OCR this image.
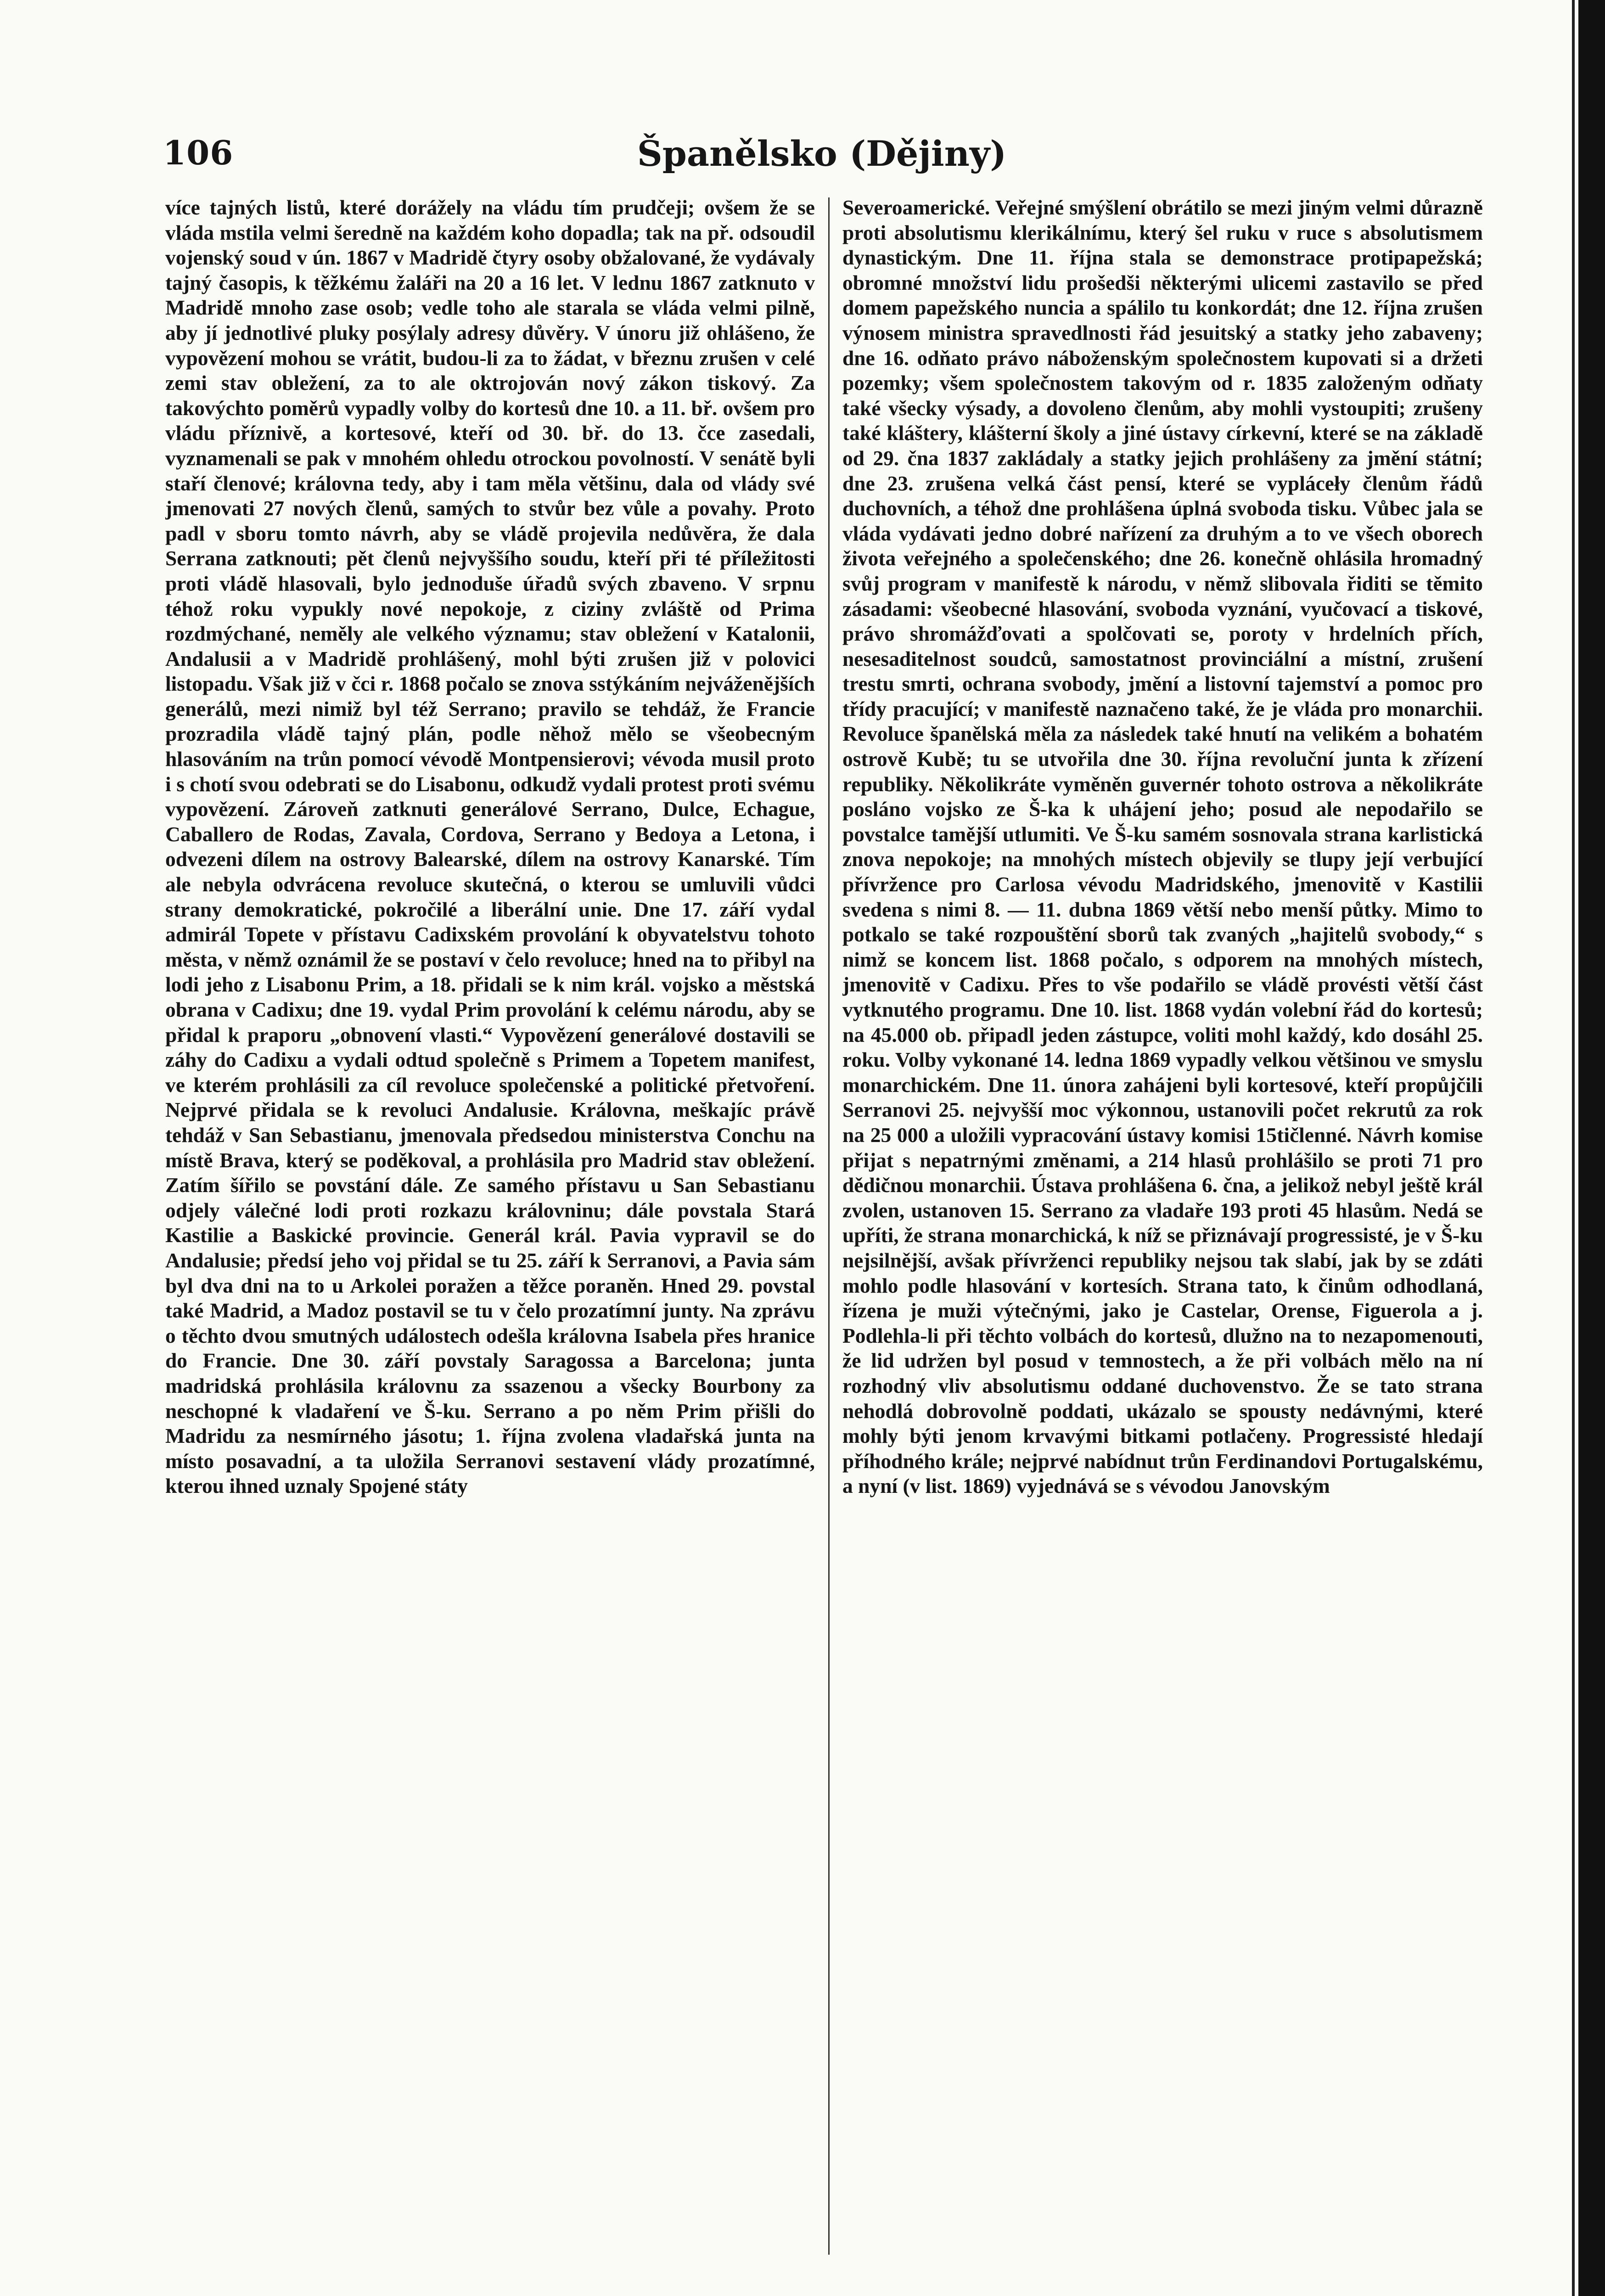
106	Španělsko (Dějiny)
více tajných listů, které dorážely na vládu tím prudčeji; ovšem že se vláda mstila velmi šeredně na každém koho dopadla; tak na př. odsoudil vojenský soud v ún. 1867 v Madridě čtyry osoby obžalované, že vydávaly tajný časopis, k těžkému žaláři na 20 a 16 let. V lednu 1867 zatknuto v Madridě mnoho zase osob; vedle toho ale starala se vláda velmi pilně, aby jí jednotlivé pluky posýlaly adresy důvěry. V únoru již ohlášeno, že vypovězení mohou se vrátit, budou-li za to žádat, v březnu zrušen v celé zemi stav obležení, za to ale oktrojován nový zákon tiskový. Za takovýchto poměrů vypadly volby do kortesů dne 10. a 11. bř. ovšem pro vládu příznivě, a kortesové, kteří od 30. bř. do 13. čce zasedali, vyznamenali se pak v mnohém ohledu otrockou povolností. V senátě byli staří členové; královna tedy, aby i tam měla většinu, dala od vlády své jmenovati 27 nových členů, samých to stvůr bez vůle a povahy. Proto padl v sboru tomto návrh, aby se vládě projevila nedůvěra, že dala Serrana zatknouti; pět členů nejvyššího soudu, kteří při té příležitosti proti vládě hlasovali, bylo jednoduše úřadů svých zbaveno. V srpnu téhož roku vypukly nové nepokoje, z ciziny zvláště od Prima rozdmýchané, neměly ale velkého významu; stav obležení v Katalonii, Andalusii a v Madridě prohlášený, mohl býti zrušen již v polovici listopadu. Však již v čci r. 1868 počalo se znova sstýkáním nejváženějších generálů, mezi nimiž byl též Serrano; pravilo se tehdáž, že Francie prozradila vládě tajný plán, podle něhož mělo se všeobecným hlasováním na trůn pomocí vévodě Montpensierovi; vévoda musil proto i s chotí svou odebrati se do Lisabonu, odkudž vydali protest proti svému vypovězení. Zároveň zatknuti generálové Serrano, Dulce, Echague, Caballero de Rodas, Zavala, Cordova, Serrano y Bedoya a Letona, i odvezeni dílem na ostrovy Balearské, dílem na ostrovy Kanarské. Tím ale nebyla odvrácena revoluce skutečná, o kterou se umluvili vůdci strany demokratické, pokročilé a liberální unie. Dne 17. září vydal admirál Topete v přístavu Cadixském provolání k obyvatelstvu tohoto města, v němž oznámil že se postaví v čelo revoluce; hned na to přibyl na lodi jeho z Lisabonu Prim, a 18. přidali se k nim král. vojsko a městská obrana v Cadixu; dne 19. vydal Prim provolání k celému národu, aby se přidal k praporu „obnovení vlasti.“ Vypovězení generálové dostavili se záhy do Cadixu a vydali odtud společně s Primem a Topetem manifest, ve kterém prohlásili za cíl revoluce společenské a politické přetvoření. Nejprvé přidala se k revoluci Andalusie. Královna, meškajíc právě tehdáž v San Sebastianu, jmenovala předsedou ministerstva Conchu na místě Brava, který se poděkoval, a prohlásila pro Madrid stav obležení. Zatím šířilo se povstání dále. Ze samého přístavu u San Sebastianu odjely válečné lodi proti rozkazu královninu; dále povstala Stará Kastilie a Baskické provincie. Generál král. Pavia vypravil se do Andalusie; předsí jeho voj přidal se tu 25. září k Serranovi, a Pavia sám byl dva dni na to u Arkolei poražen a těžce poraněn. Hned 29. povstal také Madrid, a Madoz postavil se tu v čelo prozatímní junty. Na zprávu o těchto dvou smutných událostech odešla královna Isabela přes hranice do Francie. Dne 30. září povstaly Saragossa a Barcelona; junta madridská prohlásila královnu za ssazenou a všecky Bourbony za neschopné k vladaření ve Š-ku. Serrano a po něm Prim přišli do Madridu za nesmírného jásotu; 1. října zvolena vladařská junta na místo posavadní, a ta uložila Serranovi sestavení vlády prozatímné, kterou ihned uznaly Spojené státy
Severoamerické. Veřejné smýšlení obrátilo se mezi jiným velmi důrazně proti absolutismu klerikálnímu, který šel ruku v ruce s absolutismem dynastickým. Dne 11. října stala se demonstrace protipapežská; obromné množství lidu prošedši některými ulicemi zastavilo se před domem papežského nuncia a spálilo tu konkordát; dne 12. října zrušen výnosem ministra spravedlnosti řád jesuitský a statky jeho zabaveny; dne 16. odňato právo náboženským společnostem kupovati si a držeti pozemky; všem společnostem takovým od r. 1835 založeným odňaty také všecky výsady, a dovoleno členům, aby mohli vystoupiti; zrušeny také kláštery, klášterní školy a jiné ústavy církevní, které se na základě od 29. čna 1837 zakládaly a statky jejich prohlášeny za jmění státní; dne 23. zrušena velká část pensí, které se vypláceły členům řádů duchovních, a téhož dne prohlášena úplná svoboda tisku. Vůbec jala se vláda vydávati jedno dobré nařízení za druhým a to ve všech oborech života veřejného a společenského; dne 26. konečně ohlásila hromadný svůj program v manifestě k národu, v němž slibovala řiditi se těmito zásadami: všeobecné hlasování, svoboda vyznání, vyučovací a tiskové, právo shromážďovati a spolčovati se, poroty v hrdelních přích, nesesaditelnost soudců, samostatnost provinciální a místní, zrušení trestu smrti, ochrana svobody, jmění a listovní tajemství a pomoc pro třídy pracující; v manifestě naznačeno také, že je vláda pro monarchii. Revoluce španělská měla za následek také hnutí na velikém a bohatém ostrově Kubě; tu se utvořila dne 30. října revoluční junta k zřízení republiky. Několikráte vyměněn guvernér tohoto ostrova a několikráte posláno vojsko ze Š-ka k uhájení jeho; posud ale nepodařilo se povstalce tamější utlumiti. Ve Š-ku samém sosnovala strana karlistická znova nepokoje; na mnohých místech objevily se tlupy její verbující přívržence pro Carlosa vévodu Madridského, jmenovitě v Kastilii svedena s nimi 8. — 11. dubna 1869 větší nebo menší půtky. Mimo to potkalo se také rozpouštění sborů tak zvaných „hajitelů svobody,“ s nimž se koncem list. 1868 počalo, s odporem na mnohých místech, jmenovitě v Cadixu. Přes to vše podařilo se vládě provésti větší část vytknutého programu. Dne 10. list. 1868 vydán volební řád do kortesů; na 45.000 ob. připadl jeden zástupce, voliti mohl každý, kdo dosáhl 25. roku. Volby vykonané 14. ledna 1869 vypadly velkou většinou ve smyslu monarchickém. Dne 11. února zahájeni byli kortesové, kteří propůjčili Serranovi 25. nejvyšší moc výkonnou, ustanovili počet rekrutů za rok na 25 000 a uložili vypracování ústavy komisi 15tičlenné. Návrh komise přijat s nepatrnými změnami, a 214 hlasů prohlášilo se proti 71 pro dědičnou monarchii. Ústava prohlášena 6. čna, a jelikož nebyl ještě král zvolen, ustanoven 15. Serrano za vladaře 193 proti 45 hlasům. Nedá se upříti, že strana monarchická, k níž se přiznávají progressisté, je v Š-ku nejsilnější, avšak přívrženci republiky nejsou tak slabí, jak by se zdáti mohlo podle hlasování v kortesích. Strana tato, k činům odhodlaná, řízena je muži výtečnými, jako je Castelar, Orense, Figuerola a j. Podlehla-li při těchto volbách do kortesů, dlužno na to nezapomenouti, že lid udržen byl posud v temnostech, a že při volbách mělo na ní rozhodný vliv absolutismu oddané duchovenstvo. Že se tato strana nehodlá dobrovolně poddati, ukázalo se spousty nedávnými, které mohly býti jenom krvavými bitkami potlačeny. Progressisté hledají příhodného krále; nejprvé nabídnut trůn Ferdinandovi Portugalskému, a nyní (v list. 1869) vyjednává se s vévodou Janovským
